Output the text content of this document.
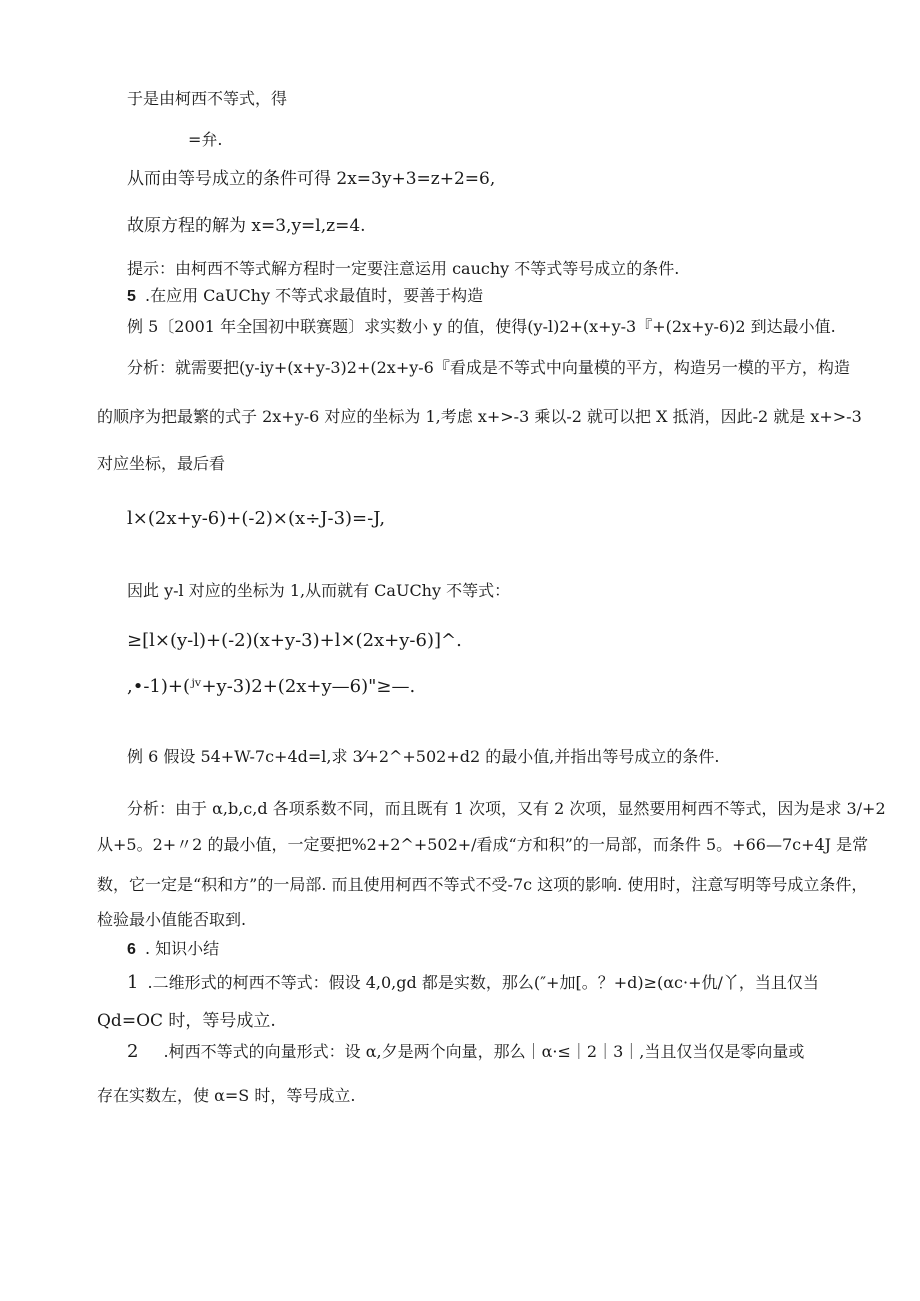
于是由柯西不等式，得
=弁.
从而由等号成立的条件可得 2x=3y+3=z+2=6,
故原方程的解为 x=3,y=l,z=4.
提示：由柯西不等式解方程时一定要注意运用 cauchy 不等式等号成立的条件.
5 .在应用 CaUChy 不等式求最值时，要善于构造
例 5〔2001 年全国初中联赛题〕求实数小 y 的值，使得(y-l)2+(x+y-3『+(2x+y-6)2 到达最小值.
分析：就需要把(y-iy+(x+y-3)2+(2x+y-6『看成是不等式中向量模的平方，构造另一模的平方，构造
的顺序为把最繁的式子 2x+y-6 对应的坐标为 1,考虑 x+>-3 乘以-2 就可以把 X 抵消，因此-2 就是 x+>-3
对应坐标，最后看
l×(2x+y-6)+(-2)×(x÷J-3)=-J,
因此 y-l 对应的坐标为 1,从而就有 CaUChy 不等式：
≥[l×(y-l)+(-2)(x+y-3)+l×(2x+y-6)]^.
,•-1)+(ʲᵛ+y-3)2+(2x+y—6)"≥—.
例 6 假设 54+W-7c+4d=l,求 3⁄+2^+502+d2 的最小值,并指出等号成立的条件.
分析：由于 α,b,c,d 各项系数不同，而且既有 1 次项，又有 2 次项，显然要用柯西不等式，因为是求 3/+2
从+5。2+〃2 的最小值，一定要把%2+2^+502+/看成“方和积”的一局部，而条件 5。+66—7c+4J 是常
数，它一定是“积和方”的一局部. 而且使用柯西不等式不受-7c 这项的影响. 使用时，注意写明等号成立条件，
检验最小值能否取到.
6 . 知识小结
1 .二维形式的柯西不等式：假设 4,0,gd 都是实数，那么(″+加[。？+d)≥(αc·+仇/丫，当且仅当
Qd=OC 时，等号成立.
2 .柯西不等式的向量形式：设 α,夕是两个向量，那么｜α·≤｜2｜3｜,当且仅当仅是零向量或
存在实数左，使 α=S 时，等号成立.
